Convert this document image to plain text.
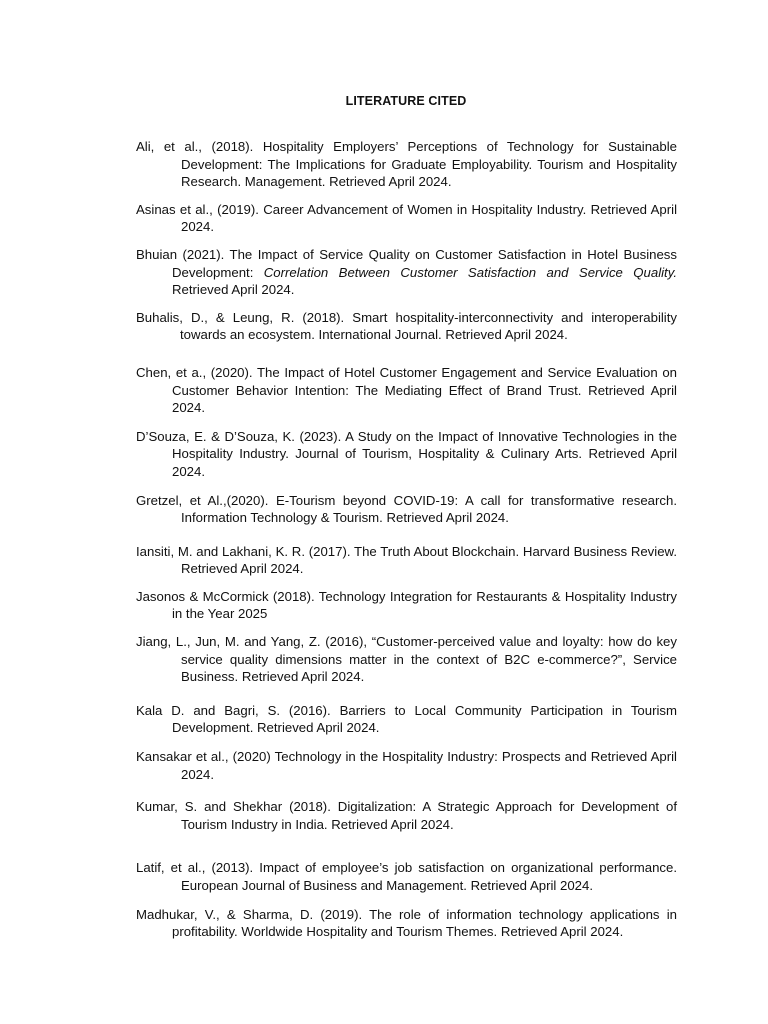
LITERATURE CITED

Ali, et al., (2018). Hospitality Employers’ Perceptions of Technology for Sustainable Development: The Implications for Graduate Employability. Tourism and Hospitality Research. Management. Retrieved April 2024.

Asinas et al., (2019). Career Advancement of Women in Hospitality Industry. Retrieved April 2024.

Bhuian (2021). The Impact of Service Quality on Customer Satisfaction in Hotel Business Development: Correlation Between Customer Satisfaction and Service Quality. Retrieved April 2024.

Buhalis, D., & Leung, R. (2018). Smart hospitality-interconnectivity and interoperability towards an ecosystem. International Journal. Retrieved April 2024.

Chen, et a., (2020). The Impact of Hotel Customer Engagement and Service Evaluation on Customer Behavior Intention: The Mediating Effect of Brand Trust. Retrieved April 2024.

D’Souza, E. & D’Souza, K. (2023). A Study on the Impact of Innovative Technologies in the Hospitality Industry. Journal of Tourism, Hospitality & Culinary Arts. Retrieved April 2024.

Gretzel, et Al.,(2020). E-Tourism beyond COVID-19: A call for transformative research. Information Technology & Tourism. Retrieved April 2024.

Iansiti, M. and Lakhani, K. R. (2017). The Truth About Blockchain. Harvard Business Review. Retrieved April 2024.

Jasonos & McCormick (2018). Technology Integration for Restaurants & Hospitality Industry in the Year 2025

Jiang, L., Jun, M. and Yang, Z. (2016), “Customer-perceived value and loyalty: how do key service quality dimensions matter in the context of B2C e-commerce?”, Service Business. Retrieved April 2024.

Kala D. and Bagri, S. (2016). Barriers to Local Community Participation in Tourism Development. Retrieved April 2024.

Kansakar et al., (2020) Technology in the Hospitality Industry: Prospects and Retrieved April 2024.

Kumar, S. and Shekhar (2018). Digitalization: A Strategic Approach for Development of Tourism Industry in India. Retrieved April 2024.

Latif, et al., (2013). Impact of employee’s job satisfaction on organizational performance. European Journal of Business and Management. Retrieved April 2024.

Madhukar, V., & Sharma, D. (2019). The role of information technology applications in profitability. Worldwide Hospitality and Tourism Themes. Retrieved April 2024.
